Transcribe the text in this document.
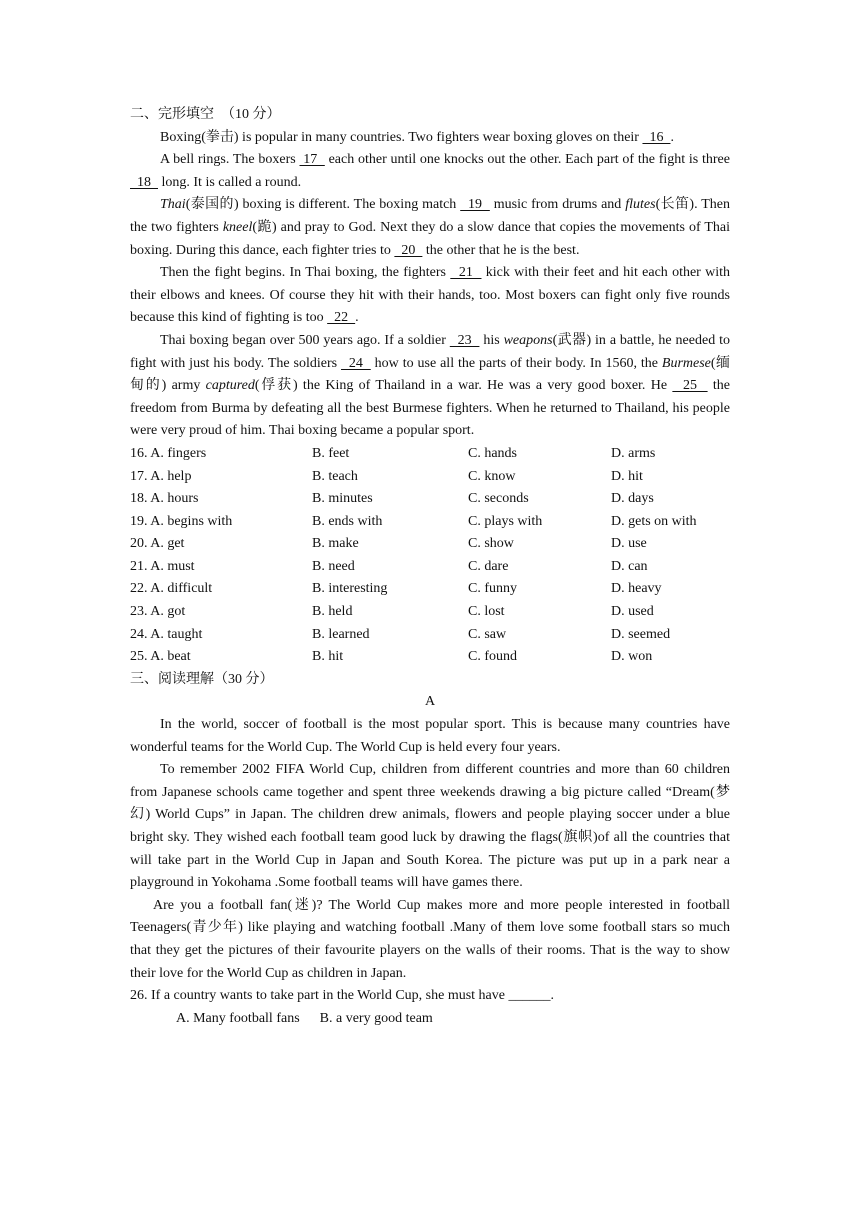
二、完形填空　（10 分）

Boxing(拳击) is popular in many countries. Two fighters wear boxing gloves on their   16  .

A bell rings. The boxers  17   each other until one knocks out the other. Each part of the fight is three   18   long. It is called a round.

Thai(泰国的) boxing is different. The boxing match   19   music from drums and flutes(长笛). Then the two fighters kneel(跪) and pray to God. Next they do a slow dance that copies the movements of Thai boxing. During this dance, each fighter tries to   20   the other that he is the best.

Then the fight begins. In Thai boxing, the fighters   21   kick with their feet and hit each other with their elbows and knees. Of course they hit with their hands, too. Most boxers can fight only five rounds because this kind of fighting is too   22  .

Thai boxing began over 500 years ago. If a soldier   23   his weapons(武器) in a battle, he needed to fight with just his body. The soldiers   24   how to use all the parts of their body. In 1560, the Burmese(缅甸的) army captured(俘获) the King of Thailand in a war. He was a very good boxer. He   25   the freedom from Burma by defeating all the best Burmese fighters. When he returned to Thailand, his people were very proud of him. Thai boxing became a popular sport.

16. A. fingers	B. feet	C. hands	D. arms
17. A. help	B. teach	C. know	D. hit
18. A. hours	B. minutes	C. seconds	D. days
19. A. begins with	B. ends with	C. plays with	D. gets on with
20. A. get	B. make	C. show	D. use
21. A. must	B. need	C. dare	D. can
22. A. difficult	B. interesting	C. funny	D. heavy
23. A. got	B. held	C. lost	D. used
24. A. taught	B. learned	C. saw	D. seemed
25. A. beat	B. hit	C. found	D. won

三、阅读理解（30 分）

A

In the world, soccer of football is the most popular sport. This is because many countries have wonderful teams for the World Cup. The World Cup is held every four years.

To remember 2002 FIFA World Cup, children from different countries and more than 60 children from Japanese schools came together and spent three weekends drawing a big picture called “Dream(梦幻) World Cups” in Japan. The children drew animals, flowers and people playing soccer under a blue bright sky. They wished each football team good luck by drawing the flags(旗帜)of all the countries that will take part in the World Cup in Japan and South Korea. The picture was put up in a park near a playground in Yokohama .Some football teams will have games there.

Are you a football fan(迷)? The World Cup makes more and more people interested in football Teenagers(青少年) like playing and watching football .Many of them love some football stars so much that they get the pictures of their favourite players on the walls of their rooms. That is the way to show their love for the World Cup as children in Japan.

26. If a country wants to take part in the World Cup, she must have ______.

A. Many football fans B. a very good team
